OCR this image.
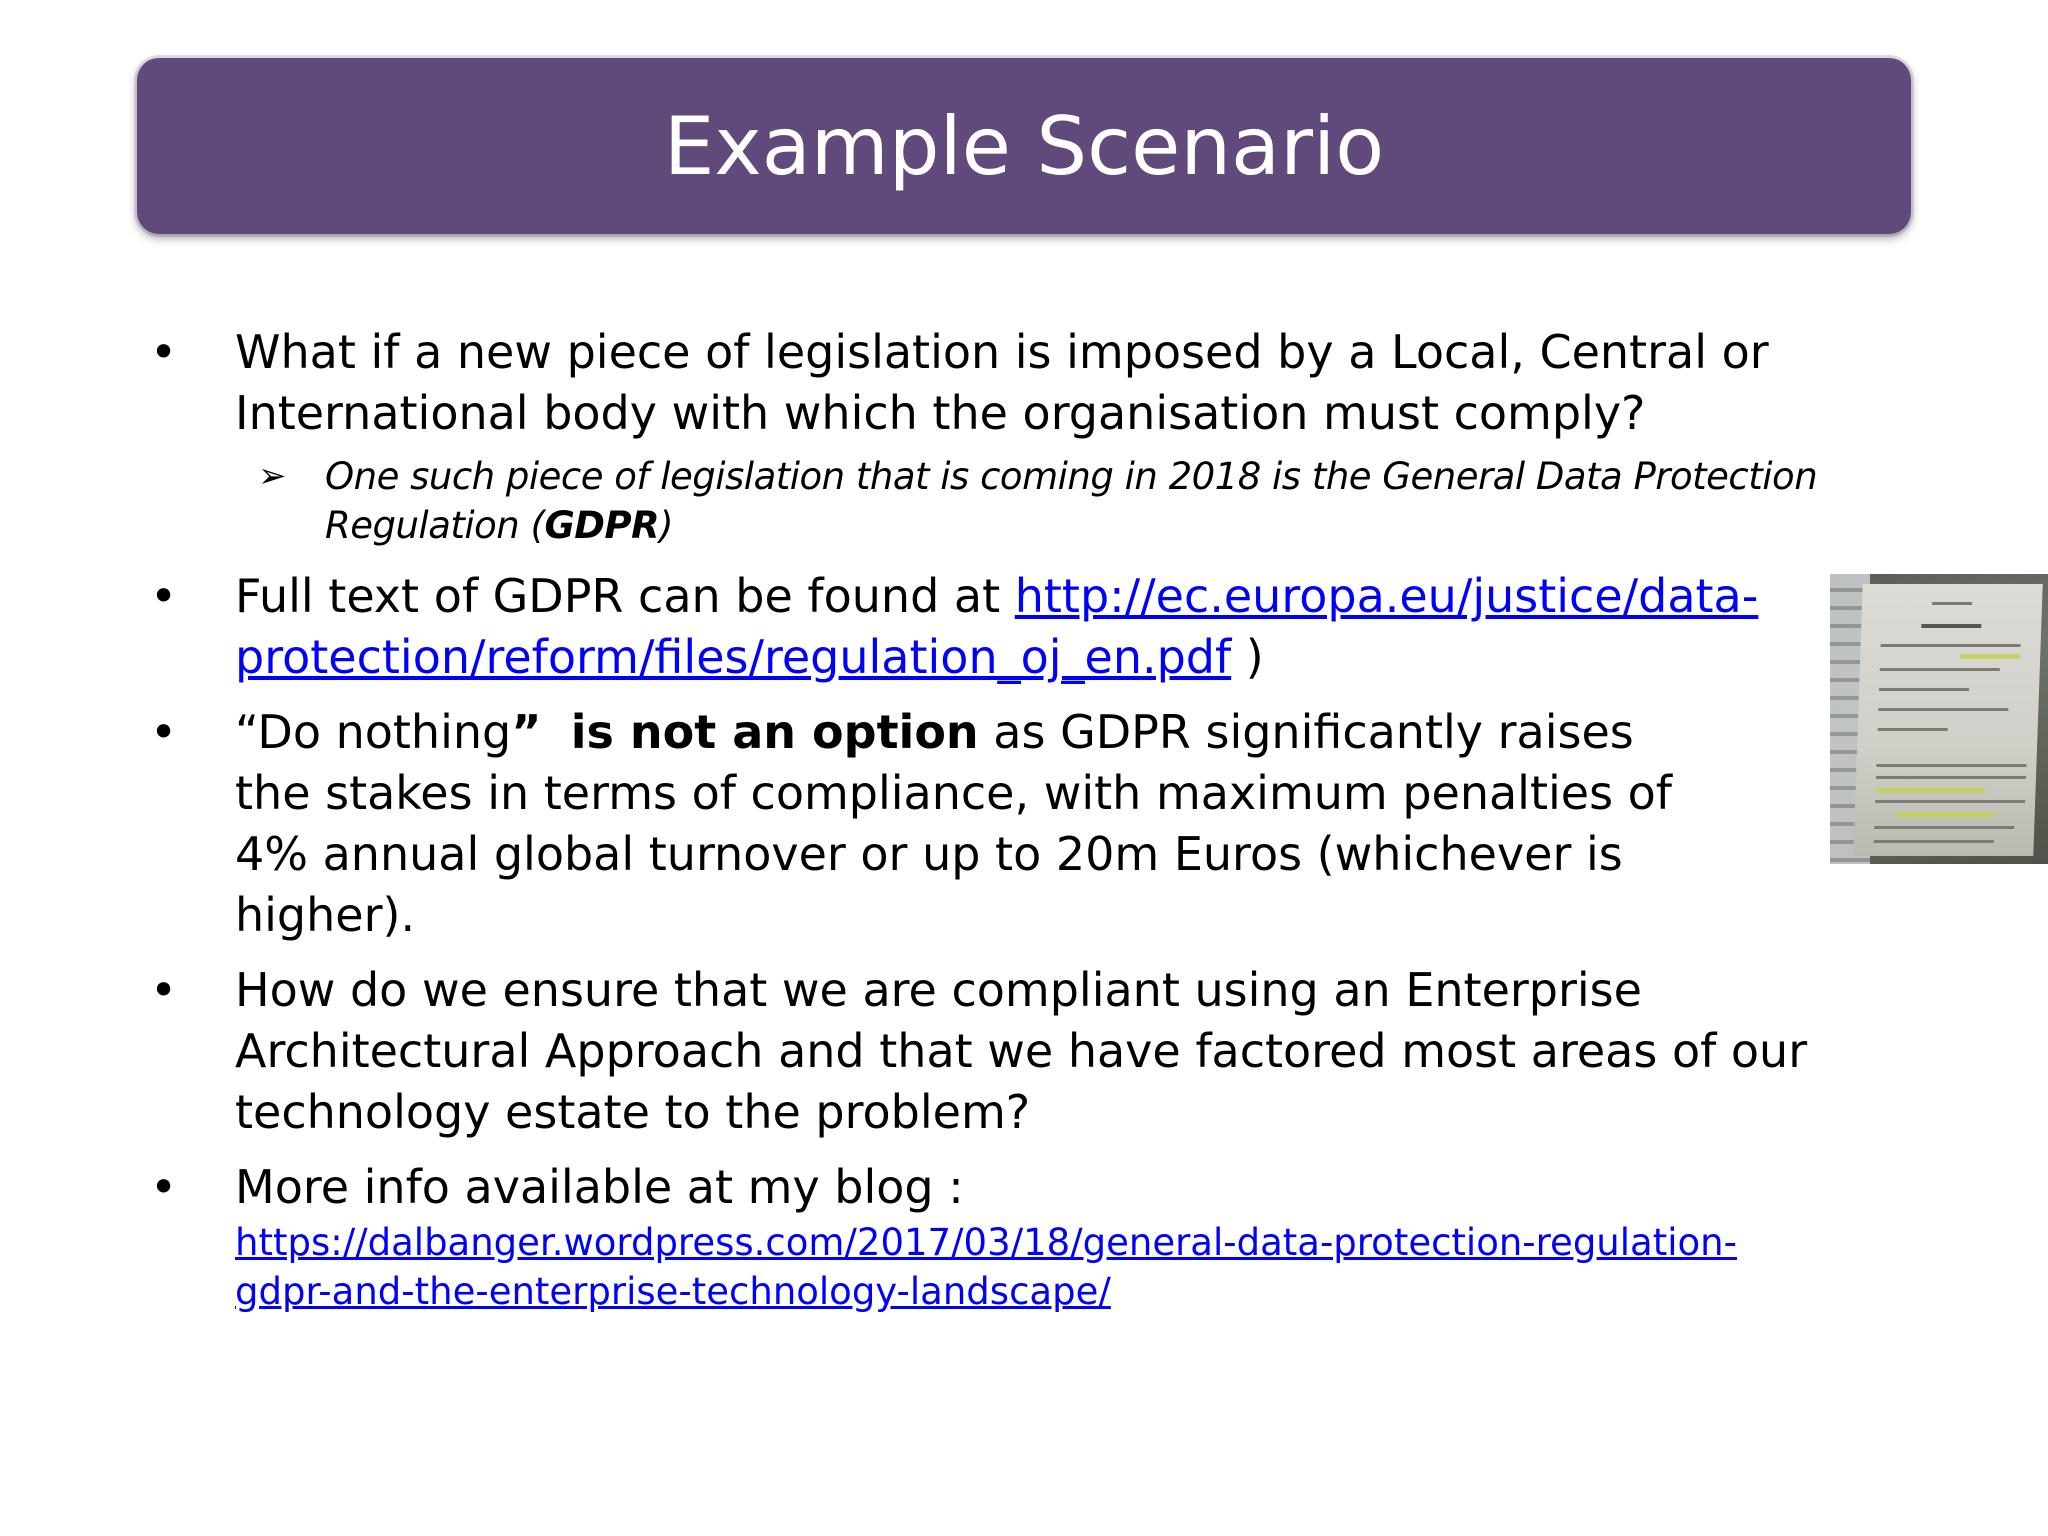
Example Scenario
• What if a new piece of legislation is imposed by a Local, Central or International body with which the organisation must comply?
➢ One such piece of legislation that is coming in 2018 is the General Data Protection Regulation (GDPR)
• Full text of GDPR can be found at http://ec.europa.eu/justice/data-protection/reform/files/regulation_oj_en.pdf )
• “Do nothing” is not an option as GDPR significantly raises the stakes in terms of compliance, with maximum penalties of 4% annual global turnover or up to 20m Euros (whichever is higher).
• How do we ensure that we are compliant using an Enterprise Architectural Approach and that we have factored most areas of our technology estate to the problem?
• More info available at my blog :
https://dalbanger.wordpress.com/2017/03/18/general-data-protection-regulation-gdpr-and-the-enterprise-technology-landscape/
